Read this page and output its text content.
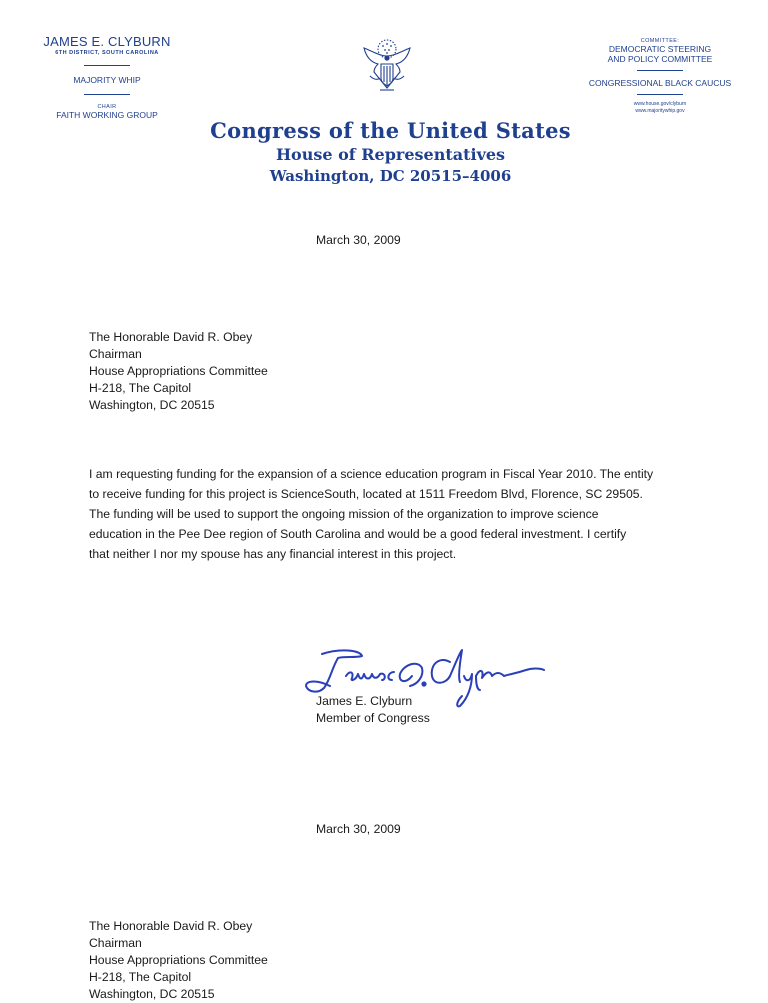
JAMES E. CLYBURN
6TH DISTRICT, SOUTH CAROLINA
MAJORITY WHIP
CHAIR
FAITH WORKING GROUP
Congress of the United States
House of Representatives
Washington, DC 20515–4006
COMMITTEE:
DEMOCRATIC STEERING
AND POLICY COMMITTEE
CONGRESSIONAL BLACK CAUCUS
www.house.gov/clyburn
www.majoritywhip.gov
March 30, 2009
The Honorable David R. Obey
Chairman
House Appropriations Committee
H-218, The Capitol
Washington, DC 20515
I am requesting funding for the expansion of a science education program in Fiscal Year 2010. The entity
to receive funding for this project is ScienceSouth, located at 1511 Freedom Blvd, Florence, SC 29505.
The funding will be used to support the ongoing mission of the organization to improve science
education in the Pee Dee region of South Carolina and would be a good federal investment. I certify
that neither I nor my spouse has any financial interest in this project.
James E. Clyburn
Member of Congress
March 30, 2009
The Honorable David R. Obey
Chairman
House Appropriations Committee
H-218, The Capitol
Washington, DC 20515
